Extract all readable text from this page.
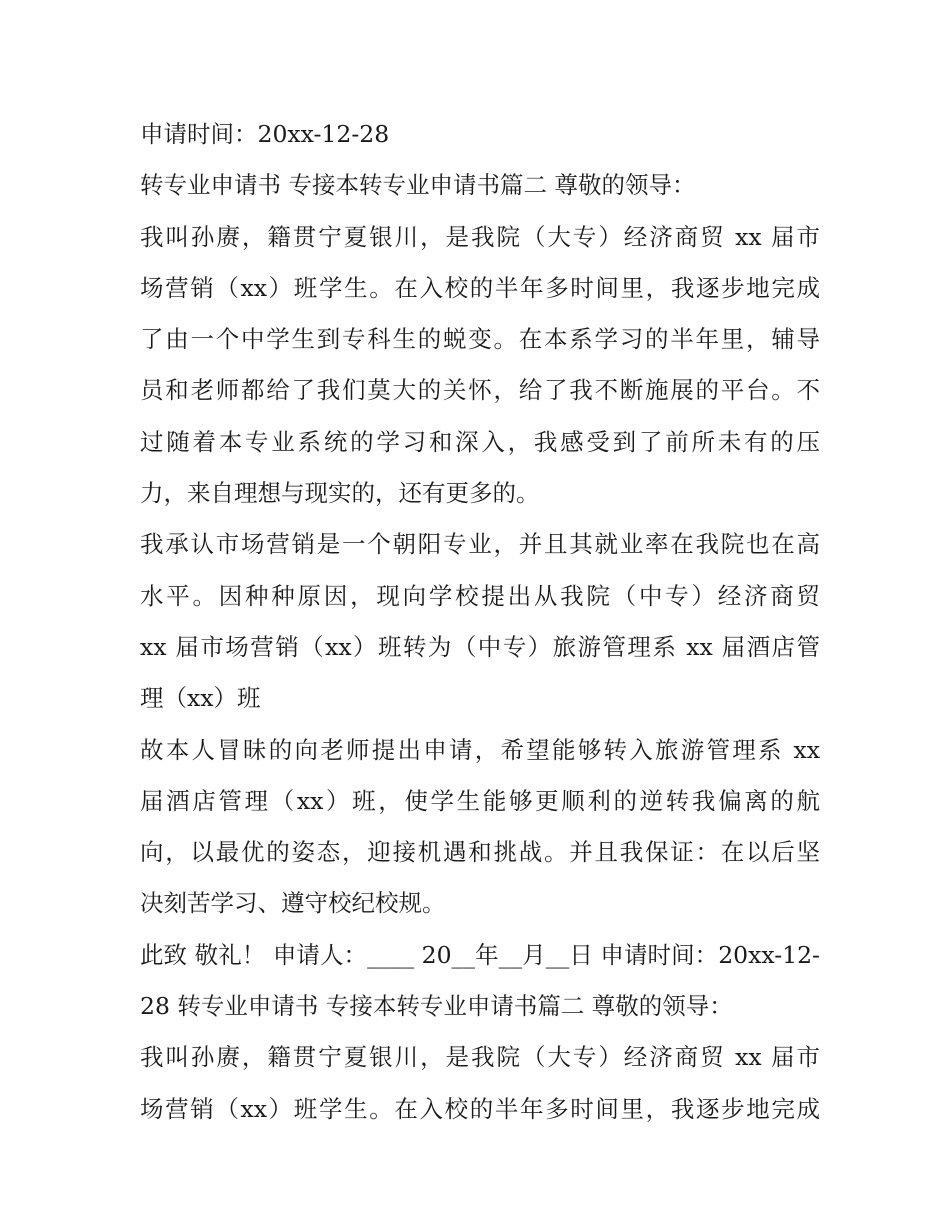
申请时间：20xx-12-28
转专业申请书 专接本转专业申请书篇二 尊敬的领导：
我叫孙赓，籍贯宁夏银川，是我院（大专）经济商贸 xx 届市
场营销（xx）班学生。在入校的半年多时间里，我逐步地完成
了由一个中学生到专科生的蜕变。在本系学习的半年里，辅导
员和老师都给了我们莫大的关怀，给了我不断施展的平台。不
过随着本专业系统的学习和深入，我感受到了前所未有的压
力，来自理想与现实的，还有更多的。
我承认市场营销是一个朝阳专业，并且其就业率在我院也在高
水平。因种种原因，现向学校提出从我院（中专）经济商贸
xx 届市场营销（xx）班转为（中专）旅游管理系 xx 届酒店管
理（xx）班
故本人冒昧的向老师提出申请，希望能够转入旅游管理系 xx
届酒店管理（xx）班，使学生能够更顺利的逆转我偏离的航
向，以最优的姿态，迎接机遇和挑战。并且我保证：在以后坚
决刻苦学习、遵守校纪校规。
此致 敬礼！ 申请人：____ 20__年__月__日 申请时间：20xx-12-
28 转专业申请书 专接本转专业申请书篇二 尊敬的领导：
我叫孙赓，籍贯宁夏银川，是我院（大专）经济商贸 xx 届市
场营销（xx）班学生。在入校的半年多时间里，我逐步地完成
